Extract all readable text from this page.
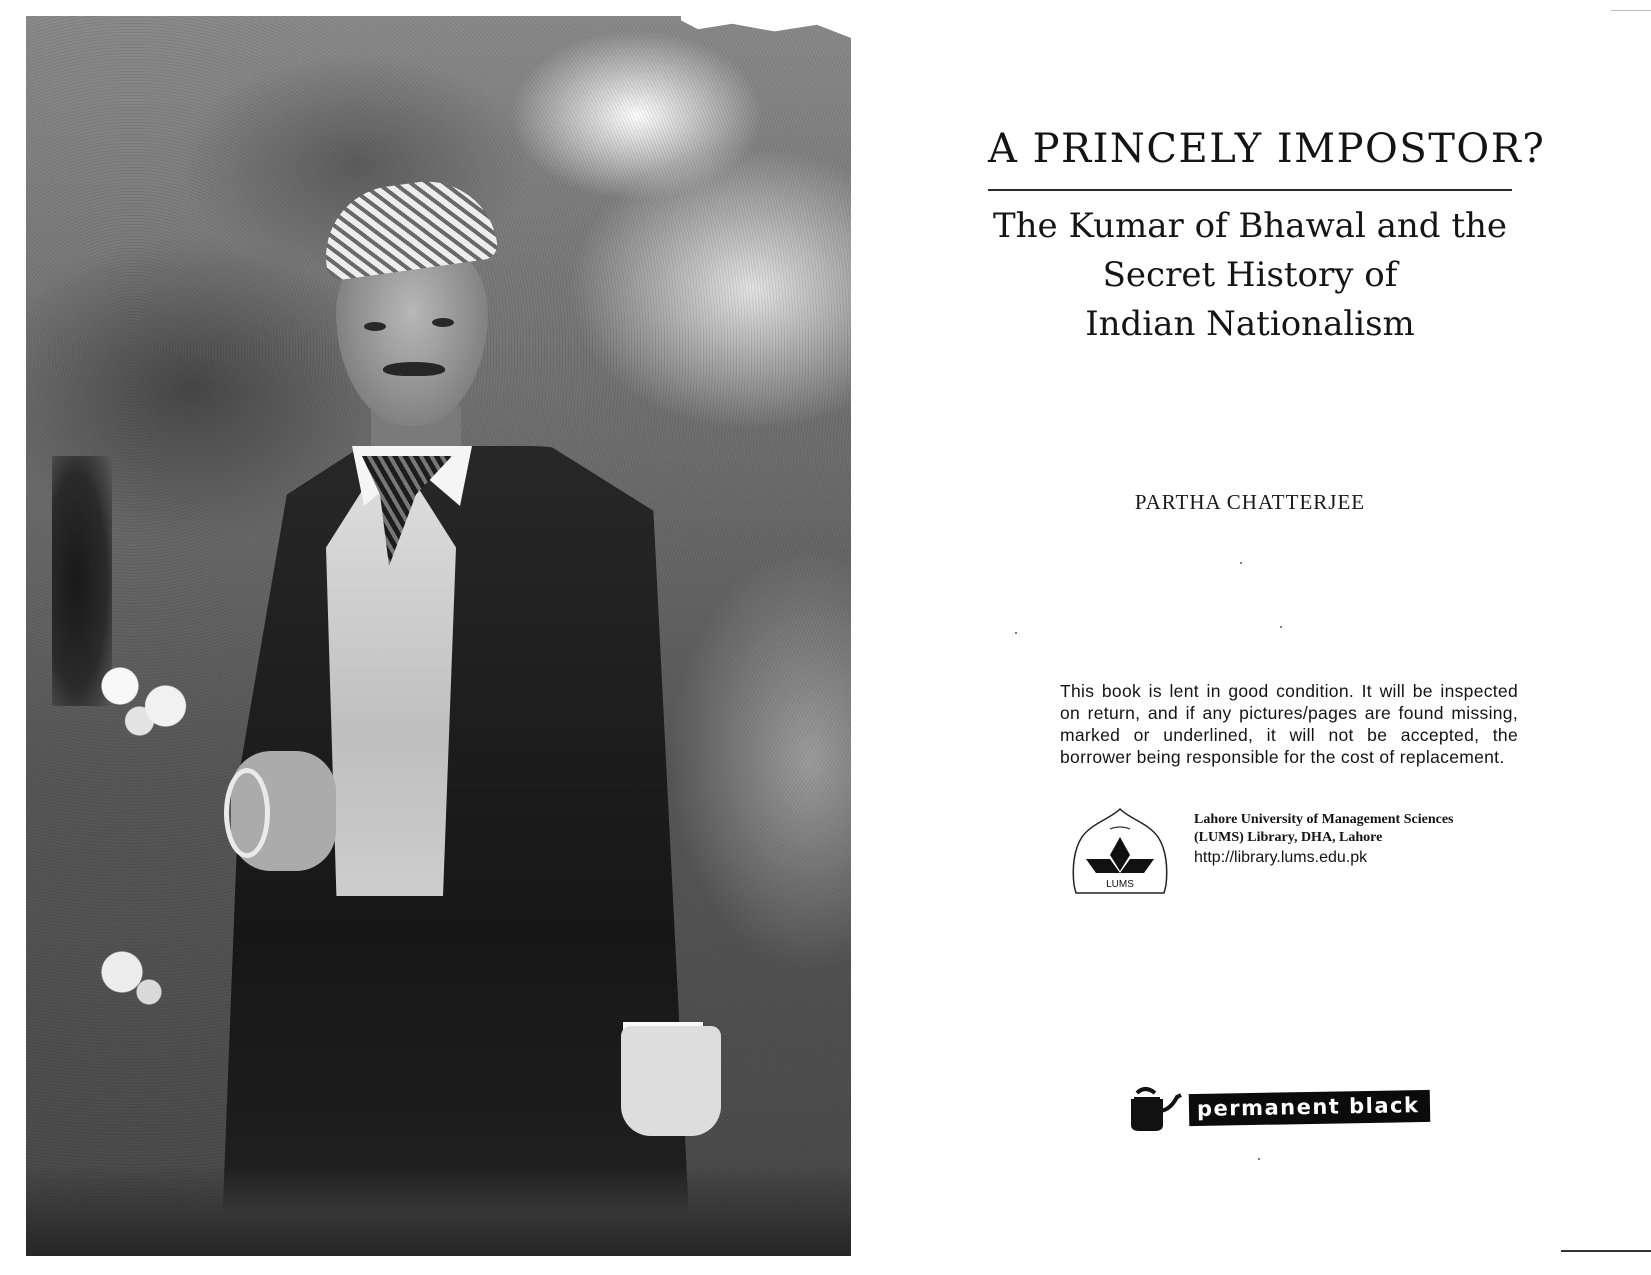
A PRINCELY IMPOSTOR?
The Kumar of Bhawal and the
Secret History of
Indian Nationalism
PARTHA CHATTERJEE

This book is lent in good condition. It will be inspected on return, and if any pictures/pages are found missing, marked or underlined, it will not be accepted, the borrower being responsible for the cost of replacement.

LUMS
Lahore University of Management Sciences
(LUMS) Library, DHA, Lahore
http://library.lums.edu.pk
permanent black
